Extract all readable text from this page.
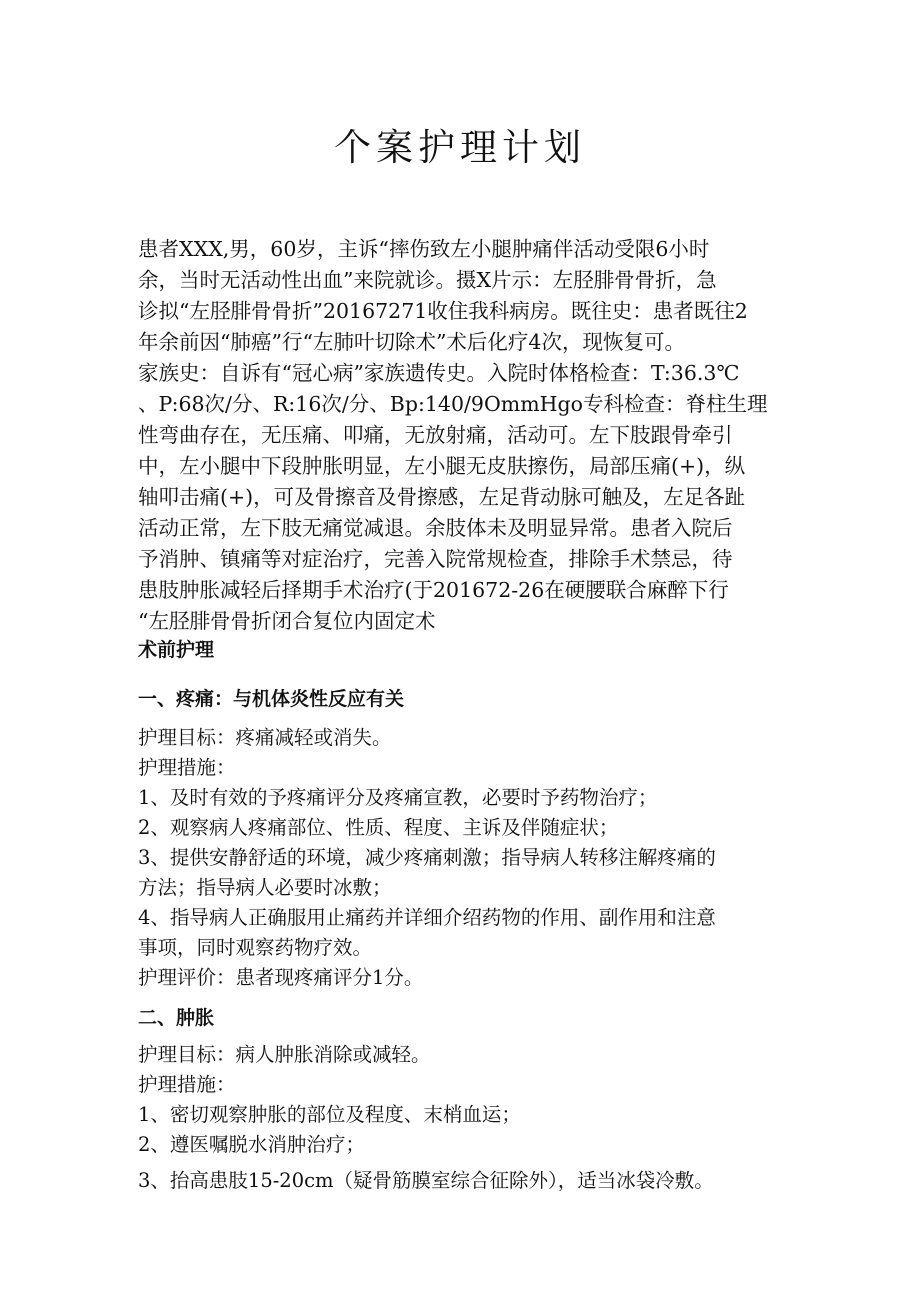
个案护理计划
患者XXX,男，60岁，主诉“摔伤致左小腿肿痛伴活动受限6小时
余，当时无活动性出血”来院就诊。摄X片示：左胫腓骨骨折，急
诊拟“左胫腓骨骨折”20167271收住我科病房。既往史：患者既往2
年余前因“肺癌”行“左肺叶切除术”术后化疗4次，现恢复可。
家族史：自诉有“冠心病”家族遗传史。入院时体格检查：T:36.3℃
、P:68次/分、R:16次/分、Bp:140/9OmmHgo专科检查：脊柱生理
性弯曲存在，无压痛、叩痛，无放射痛，活动可。左下肢跟骨牵引
中，左小腿中下段肿胀明显，左小腿无皮肤擦伤，局部压痛(+)，纵
轴叩击痛(+)，可及骨擦音及骨擦感，左足背动脉可触及，左足各趾
活动正常，左下肢无痛觉减退。余肢体未及明显异常。患者入院后
予消肿、镇痛等对症治疗，完善入院常规检查，排除手术禁忌，待
患肢肿胀减轻后择期手术治疗(于201672-26在硬腰联合麻醉下行
“左胫腓骨骨折闭合复位内固定术
术前护理
一、疼痛：与机体炎性反应有关
护理目标：疼痛减轻或消失。
护理措施：
1、及时有效的予疼痛评分及疼痛宣教，必要时予药物治疗；
2、观察病人疼痛部位、性质、程度、主诉及伴随症状；
3、提供安静舒适的环境，减少疼痛刺激；指导病人转移注解疼痛的
方法；指导病人必要时冰敷；
4、指导病人正确服用止痛药并详细介绍药物的作用、副作用和注意
事项，同时观察药物疗效。
护理评价：患者现疼痛评分1分。
二、肿胀
护理目标：病人肿胀消除或减轻。
护理措施：
1、密切观察肿胀的部位及程度、末梢血运；
2、遵医嘱脱水消肿治疗；
3、抬高患肢15-20cm（疑骨筋膜室综合征除外），适当冰袋冷敷。
